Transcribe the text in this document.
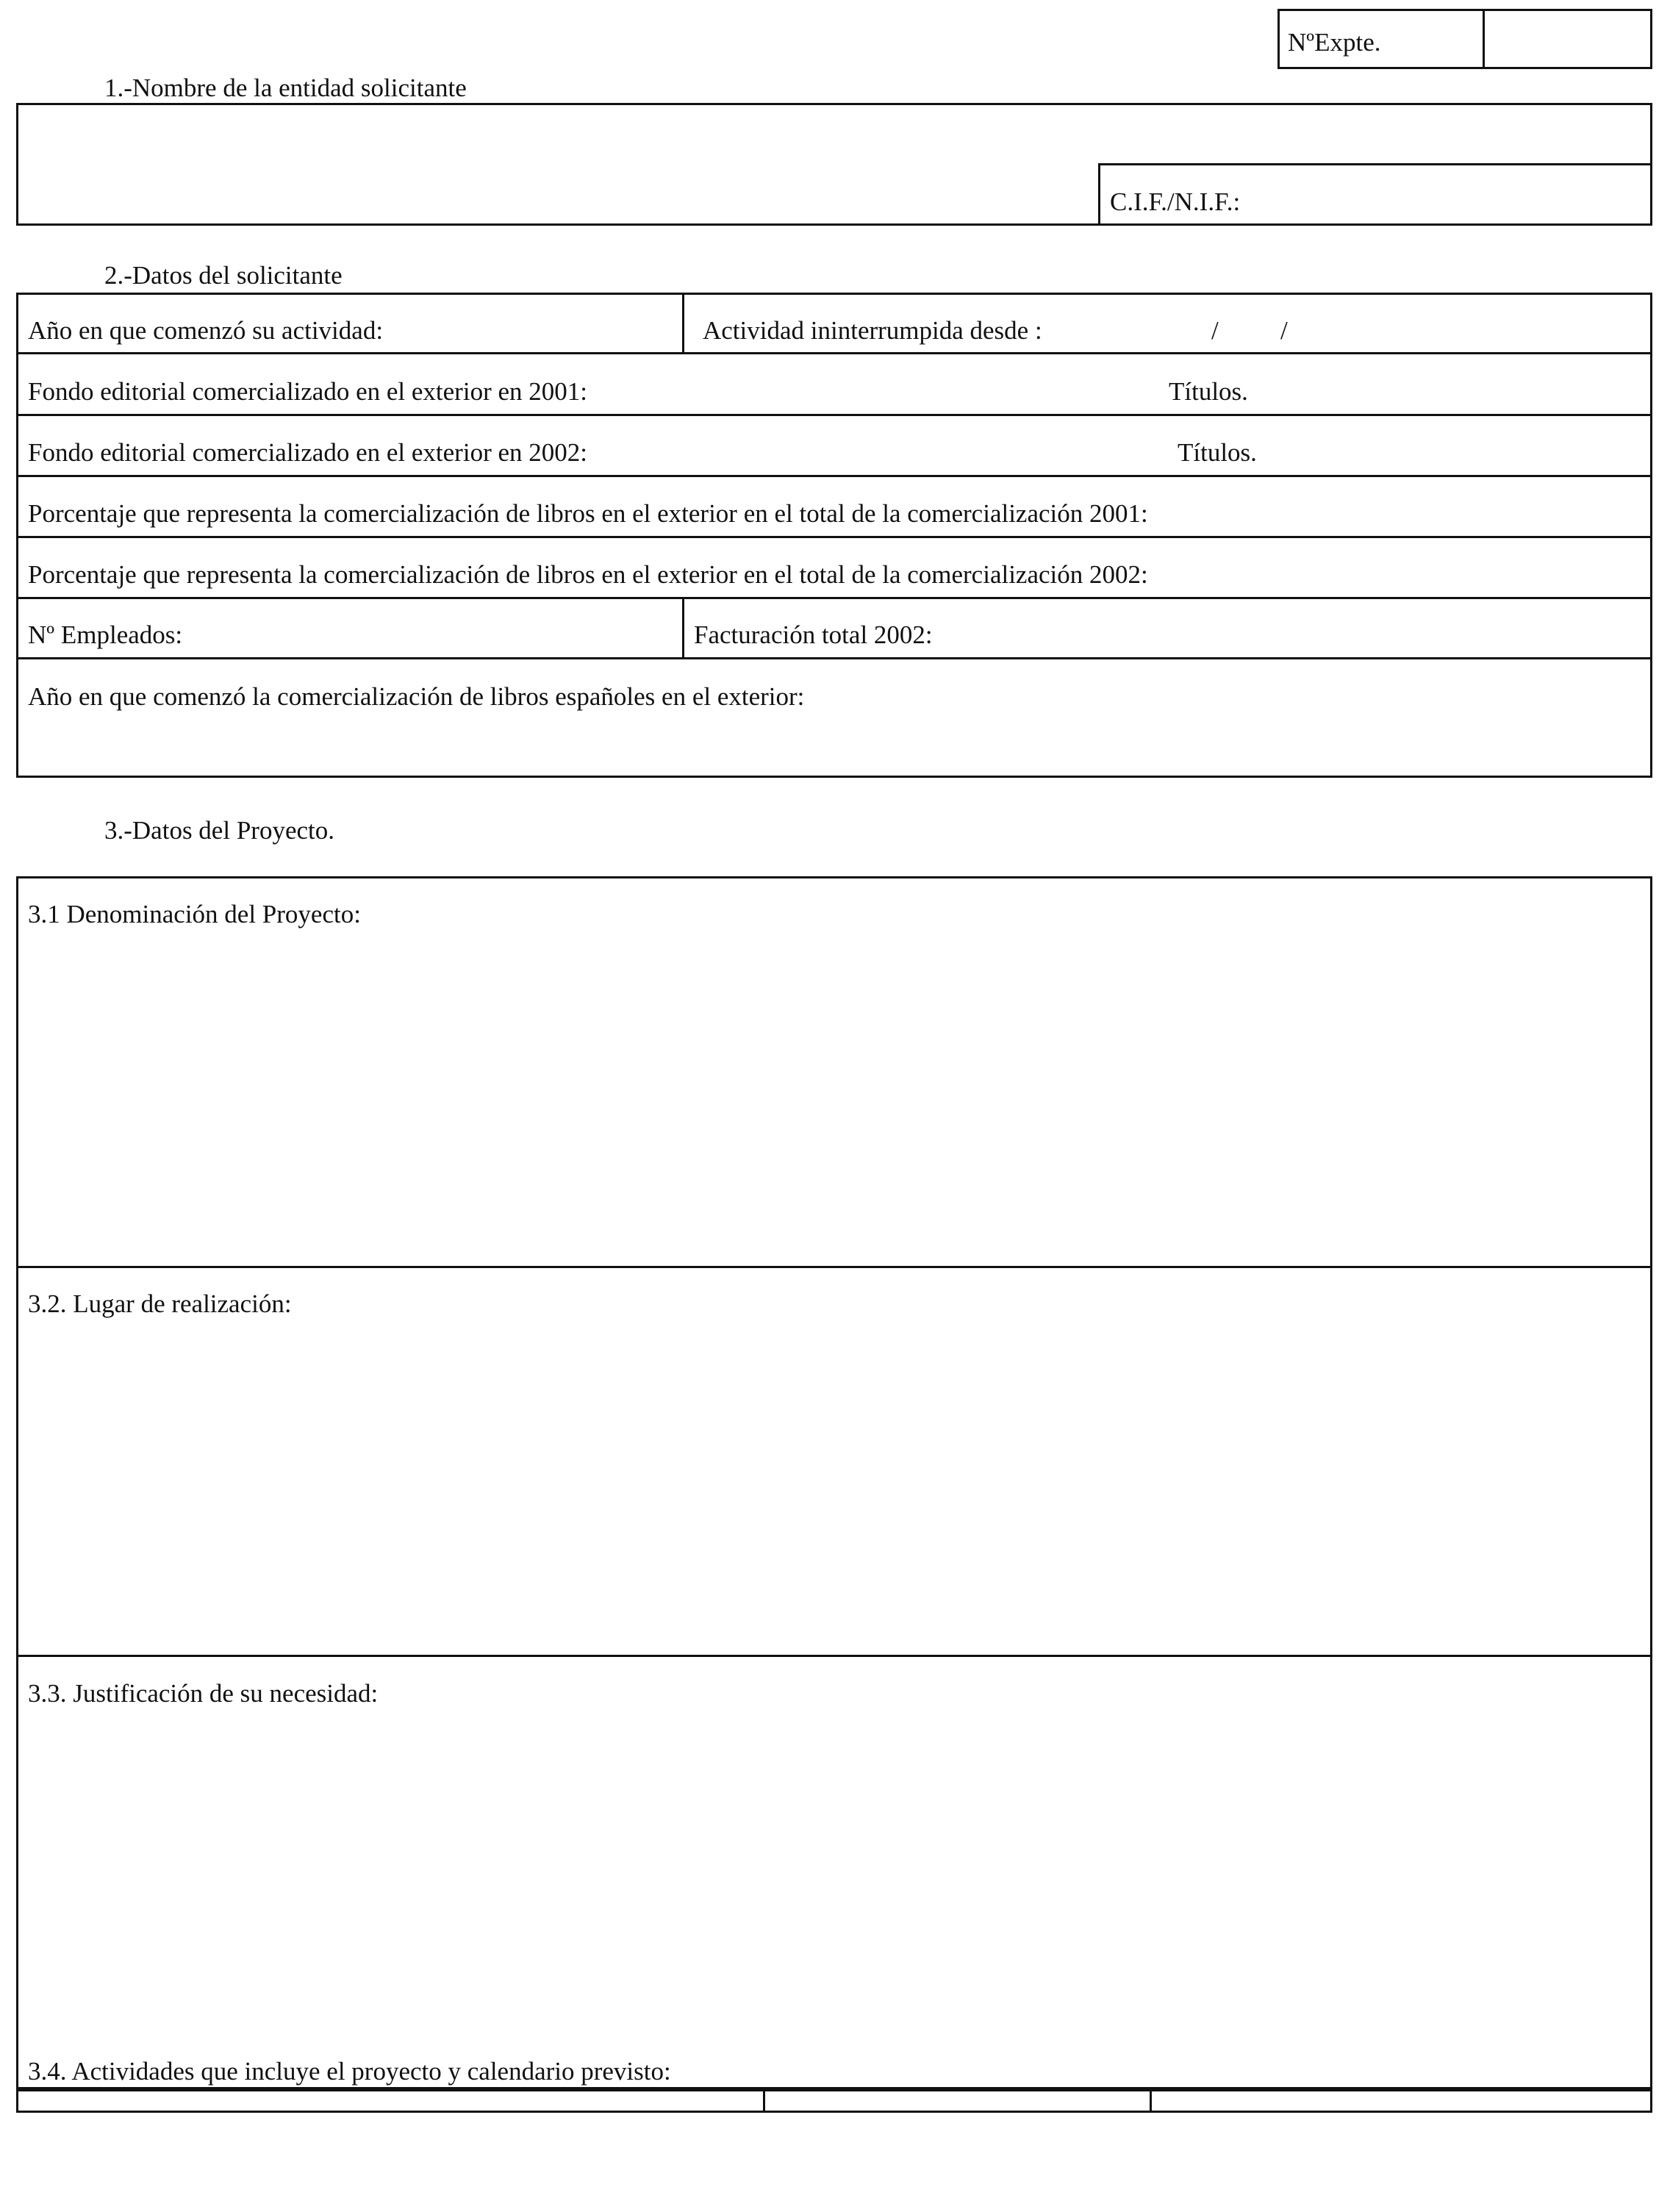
NºExpte.
1.-Nombre de la entidad solicitante
C.I.F./N.I.F.:
2.-Datos del solicitante
Año en que comenzó su actividad:	Actividad ininterrumpida desde :	/ /
Fondo editorial comercializado en el exterior en 2001:	Títulos.
Fondo editorial comercializado en el exterior en 2002:	Títulos.
Porcentaje que representa la comercialización de libros en el exterior en el total de la comercialización 2001:
Porcentaje que representa la comercialización de libros en el exterior en el total de la comercialización 2002:
Nº Empleados:	Facturación total 2002:
Año en que comenzó la comercialización de libros españoles en el exterior:
3.-Datos del Proyecto.
3.1 Denominación del Proyecto:
3.2. Lugar de realización:
3.3. Justificación de su necesidad:
3.4. Actividades que incluye el proyecto y calendario previsto:
